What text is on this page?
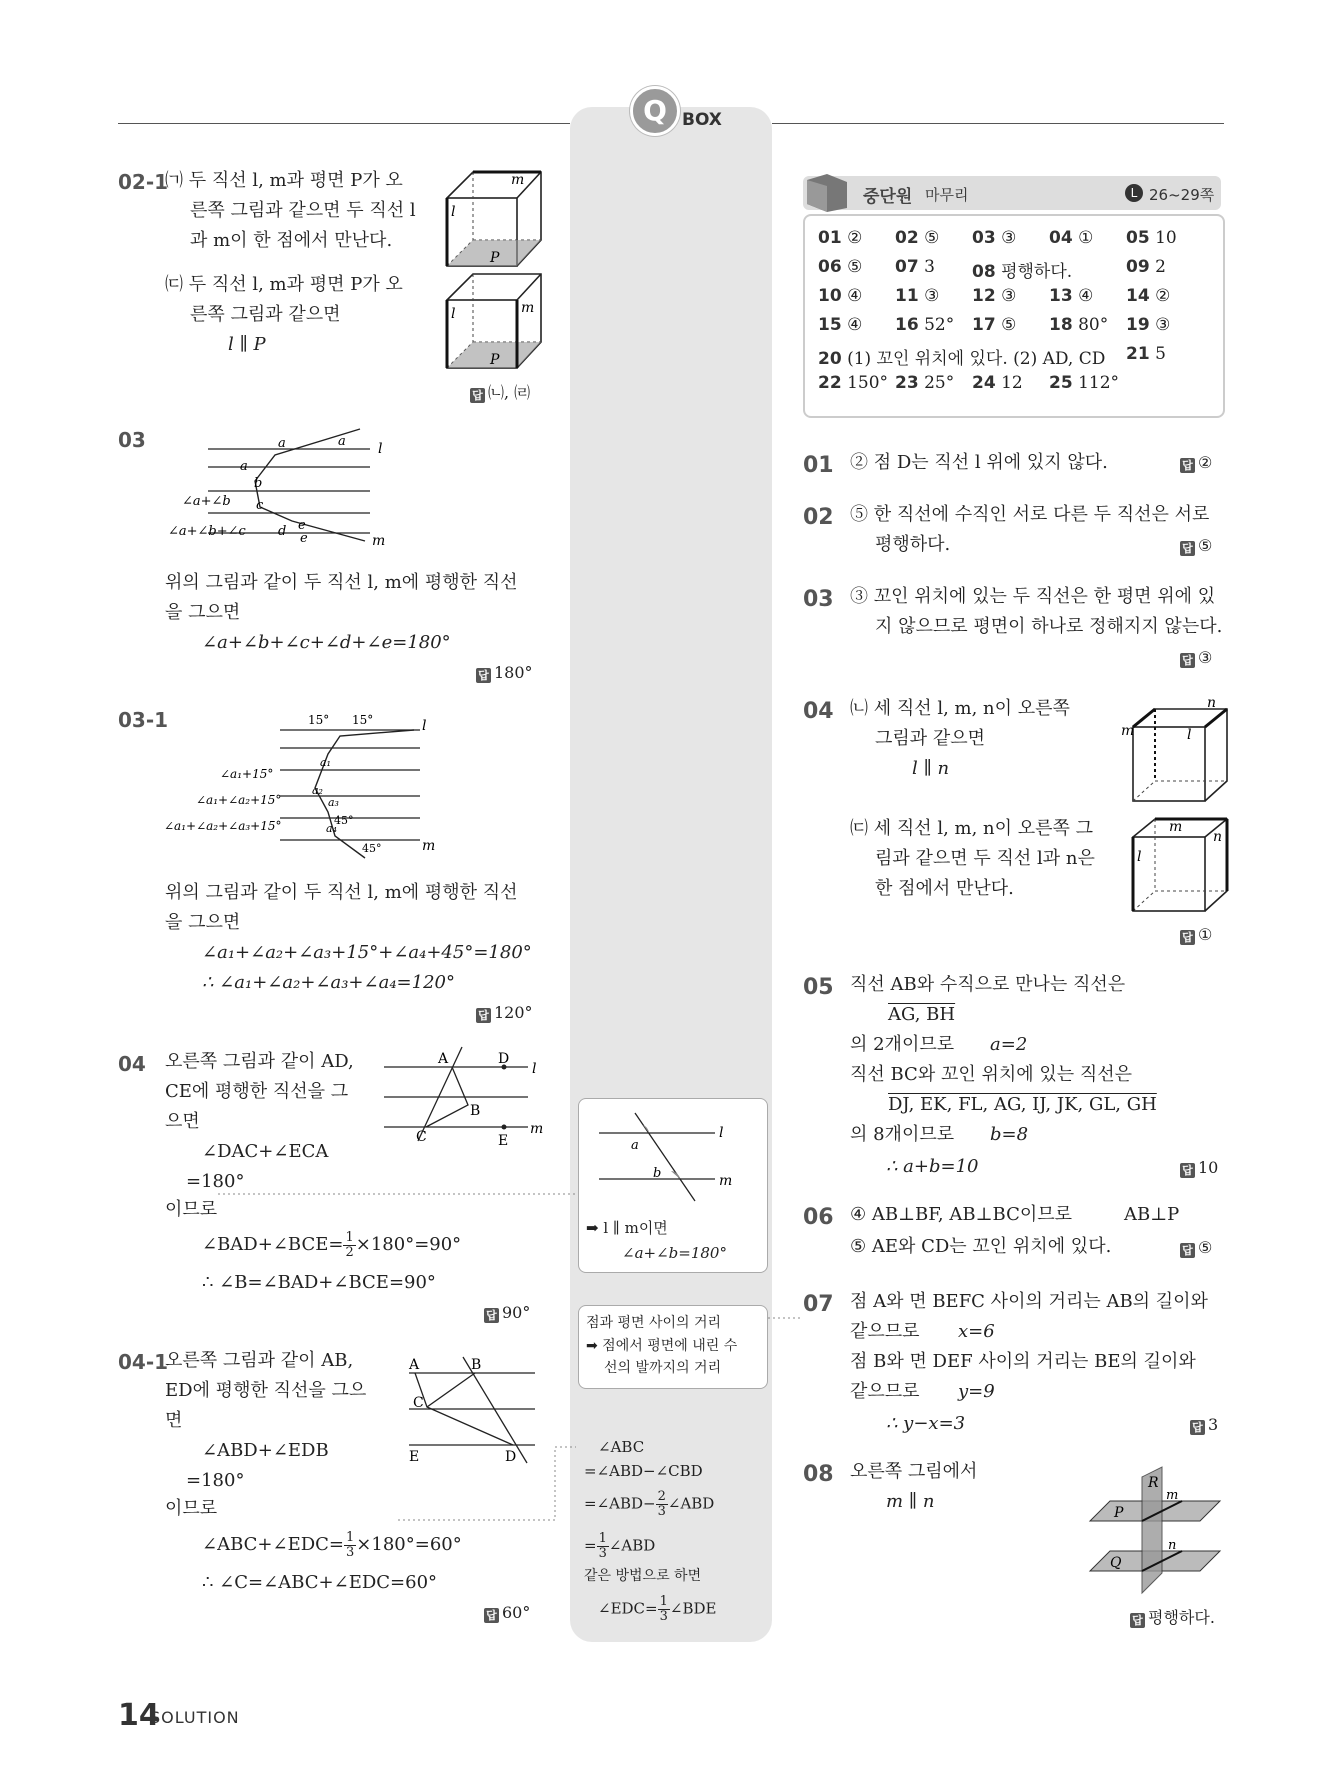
Q BOX
02-1
㈀ 두 직선 l, m과 평면 P가 오
른쪽 그림과 같으면 두 직선 l
과 m이 한 점에서 만난다.
㈂ 두 직선 l, m과 평면 P가 오
른쪽 그림과 같으면
l ∥ P
l
m
P
l	m
P
답 ㈁, ㈃
03	a
a
a
b
c
d e
e
l
m
∠a+∠b
∠a+∠b+∠c
위의 그림과 같이 두 직선 l, m에 평행한 직선
을 그으면
∠a+∠b+∠c+∠d+∠e=180°
답 180°
03-1	15° 15°	l
m
45°
45°
a₁
a₂
a₃
a₄
∠a₁+15°
∠a₁+∠a₂+15°
∠a₁+∠a₂+∠a₃+15°
위의 그림과 같이 두 직선 l, m에 평행한 직선
을 그으면
∠a₁+∠a₂+∠a₃+15°+∠a₄+45°=180°
∴ ∠a₁+∠a₂+∠a₃+∠a₄=120°
답 120°
04 오른쪽 그림과 같이 AD,
CE에 평행한 직선을 그
으면
∠DAC+∠ECA
=180°
이므로
∠BAD+∠BCE= $\frac{1}{2} \times 180^\circ=90^\circ$
∴ ∠B=∠BAD+∠BCE=90°
답 90°
A	D
B
C	E
l
m
04-1
오른쪽 그림과 같이 AB,
ED에 평행한 직선을 그으
면
∠ABD+∠EDB
=180°
이므로
∠ABC+∠EDC= $\frac{1}{3} \times 180^\circ=60^\circ$
∴ ∠C=∠ABC+∠EDC=60°
답 60°
A	B
C
E	D
l
m
a
b
➡ l ∥ m이면
∠a+∠b=180°
점과 평면 사이의 거리
➡ 점에서 평면에 내린 수
선의 발까지의 거리
∠ABC
=∠ABD−∠CBD
=∠ABD− $\frac{2}{3}$ ∠ABD
= $\frac{1}{3}$ ∠ABD
같은 방법으로 하면
∠EDC= $\frac{1}{3}$ ∠BDE
중단원 마무리	L 26~29쪽
01 ② 02 ⑤ 03 ③ 04 ① 05 10
06 ⑤ 07 3 08 평행하다.	09 2
10 ④ 11 ③ 12 ③ 13 ④ 14 ②
15 ④ 16 52° 17 ⑤ 18 80° 19 ③
20 (1) 꼬인 위치에 있다. (2) AD, CD 21 5
22 150° 23 25° 24 12 25 112°
01 ② 점 D는 직선 l 위에 있지 않다.	답 ②
02 ⑤ 한 직선에 수직인 서로 다른 두 직선은 서로
평행하다.	답 ⑤
03 ③ 꼬인 위치에 있는 두 직선은 한 평면 위에 있
지 않으므로 평면이 하나로 정해지지 않는다.
답 ③
04 ㈁ 세 직선 l, m, n이 오른쪽
그림과 같으면
l ∥ n
㈂ 세 직선 l, m, n이 오른쪽 그
림과 같으면 두 직선 l과 n은
한 점에서 만난다.
답 ①
n
m	l
m
n
l
05 직선 AB와 수직으로 만나는 직선은
AG, BH
의 2개이므로 a=2
직선 BC와 꼬인 위치에 있는 직선은
DJ, EK, FL, AG, IJ, JK, GL, GH
의 8개이므로 b=8
∴ a+b=10	답 10
06 ④ AB⊥BF, AB⊥BC이므로	AB⊥P
⑤ AE와 CD는 꼬인 위치에 있다.	답 ⑤
07 점 A와 면 BEFC 사이의 거리는 AB의 길이와
같으므로 x=6
점 B와 면 DEF 사이의 거리는 BE의 길이와
같으므로 y=9
∴ y−x=3	답 3
08 오른쪽 그림에서
m ∥ n
답 평행하다.
R
m
P
n
Q
14
SOLUTION
